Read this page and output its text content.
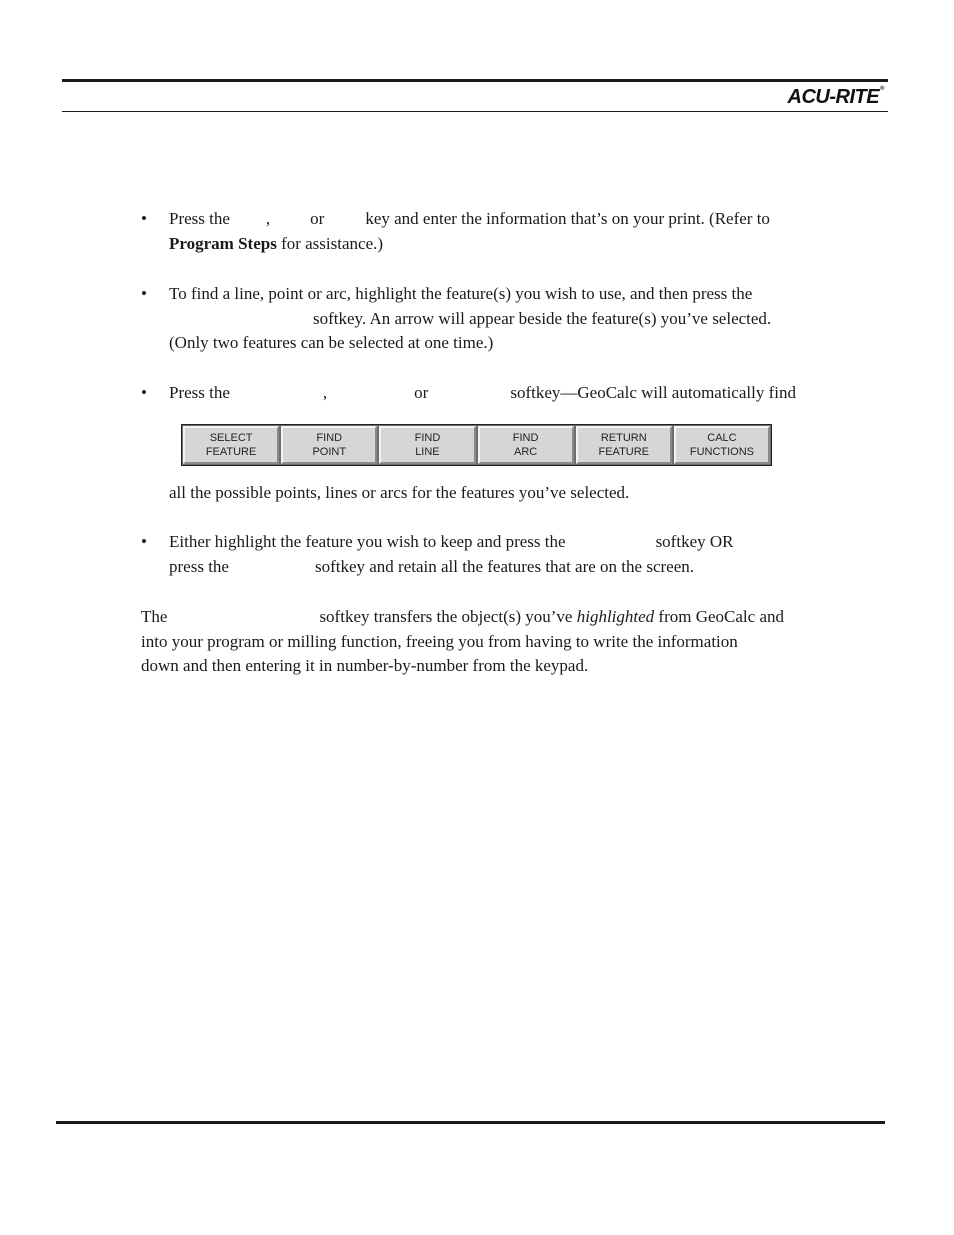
ACU-RITE®
• Press the , or key and enter the information that’s on your print. (Refer to
Program Steps for assistance.)
• To find a line, point or arc, highlight the feature(s) you wish to use, and then press the
softkey. An arrow will appear beside the feature(s) you’ve selected.
(Only two features can be selected at one time.)
• Press the	,	or	softkey—GeoCalc will automatically find
SELECT
FEATURE
FIND
POINT
FIND
LINE
FIND
ARC
RETURN
FEATURE
CALC
FUNCTIONS
all the possible points, lines or arcs for the features you’ve selected.
• Either highlight the feature you wish to keep and press the	softkey OR
press the	softkey and retain all the features that are on the screen.
The	softkey transfers the object(s) you’ve highlighted from GeoCalc and
into your program or milling function, freeing you from having to write the information
down and then entering it in number-by-number from the keypad.
